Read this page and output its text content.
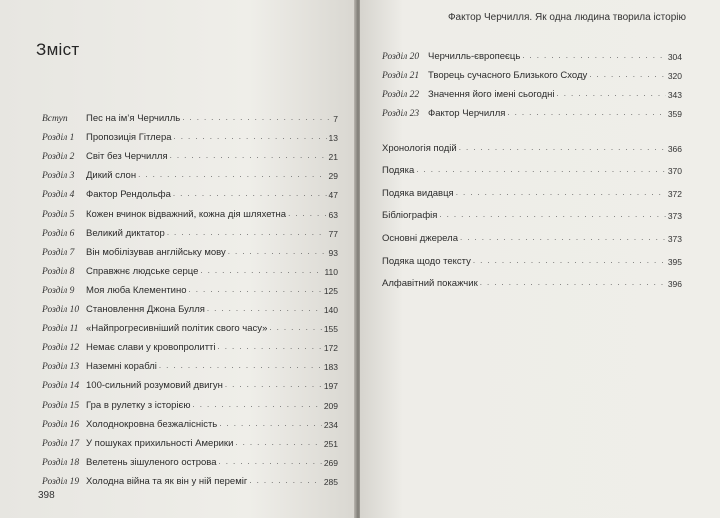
Зміст
Вступ	Пес на ім’я Черчилль . . .	7
Розділ 1	Пропозиція Гітлера . . .	13
Розділ 2	Світ без Черчилля . . .	21
Розділ 3	Дикий слон . . .	29
Розділ 4	Фактор Рендольфа . . .	47
Розділ 5	Кожен вчинок відважний, кожна дія шляхетна . . .	63
Розділ 6	Великий диктатор . . .	77
Розділ 7	Він мобілізував англійську мову . . .	93
Розділ 8	Справжнє людське серце . . .	110
Розділ 9	Моя люба Клементино . . .	125
Розділ 10 Становлення Джона Булля . . .	140
Розділ 11 «Найпрогресивніший політик свого часу» . . .	155
Розділ 12 Немає слави у кровопролитті . . .	172
Розділ 13 Наземні кораблі . . .	183
Розділ 14 100-сильний розумовий двигун . . .	197
Розділ 15 Гра в рулетку з історією . . .	209
Розділ 16 Холоднокровна безжалісність . . .	234
Розділ 17 У пошуках прихильності Америки . . .	251
Розділ 18 Велетень зішуленого острова . . .	269
Розділ 19 Холодна війна та як він у ній переміг . . .	285
398
Фактор Черчилля. Як одна людина творила історію
Розділ 20 Черчилль-європеєць . . .	304
Розділ 21 Творець сучасного Близького Сходу . . .	320
Розділ 22 Значення його імені сьогодні . . .	343
Розділ 23 Фактор Черчилля . . .	359
Хронологія подій . . .	366
Подяка . . .	370
Подяка видавця . . .	372
Бібліографія . . .	373
Основні джерела . . .	373
Подяка щодо тексту . . .	395
Алфавітний покажчик . . .	396
